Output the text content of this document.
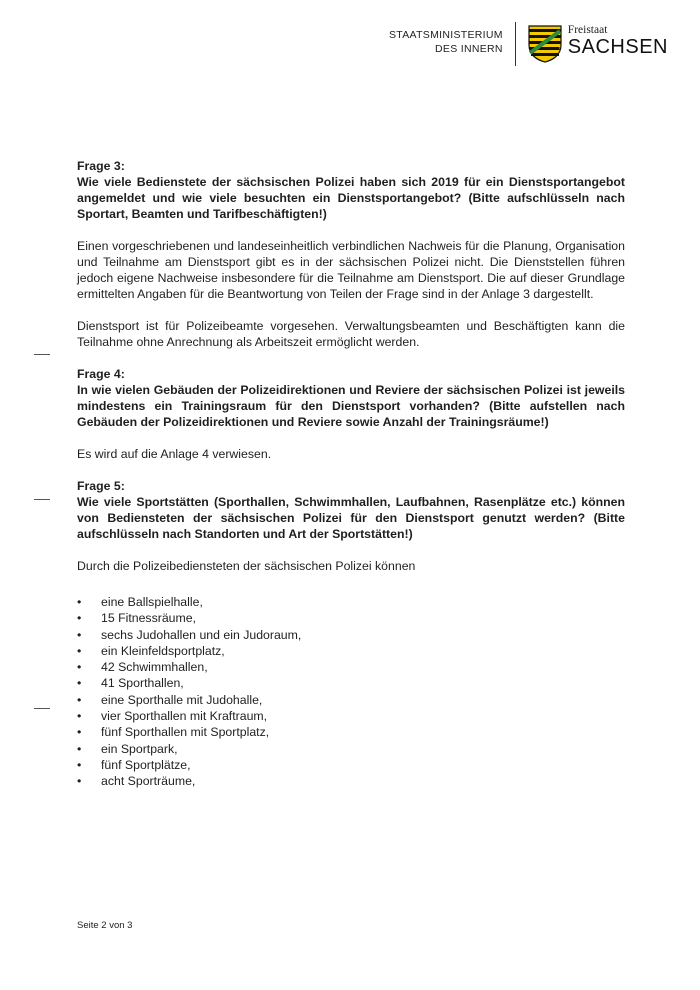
STAATSMINISTERIUM
DES INNERN
Freistaat
SACHSEN
Frage 3:

Wie viele Bedienstete der sächsischen Polizei haben sich 2019 für ein Dienstsportangebot angemeldet und wie viele besuchten ein Dienstsportangebot? (Bitte aufschlüsseln nach Sportart, Beamten und Tarifbeschäftigten!)

Einen vorgeschriebenen und landeseinheitlich verbindlichen Nachweis für die Planung, Organisation und Teilnahme am Dienstsport gibt es in der sächsischen Polizei nicht. Die Dienststellen führen jedoch eigene Nachweise insbesondere für die Teilnahme am Dienstsport. Die auf dieser Grundlage ermittelten Angaben für die Beantwortung von Teilen der Frage sind in der Anlage 3 dargestellt.

Dienstsport ist für Polizeibeamte vorgesehen. Verwaltungsbeamten und Beschäftigten kann die Teilnahme ohne Anrechnung als Arbeitszeit ermöglicht werden.

Frage 4:

In wie vielen Gebäuden der Polizeidirektionen und Reviere der sächsischen Polizei ist jeweils mindestens ein Trainingsraum für den Dienstsport vorhanden? (Bitte aufstellen nach Gebäuden der Polizeidirektionen und Reviere sowie Anzahl der Trainingsräume!)

Es wird auf die Anlage 4 verwiesen.

Frage 5:

Wie viele Sportstätten (Sporthallen, Schwimmhallen, Laufbahnen, Rasenplätze etc.) können von Bediensteten der sächsischen Polizei für den Dienstsport genutzt werden? (Bitte aufschlüsseln nach Standorten und Art der Sportstätten!)

Durch die Polizeibediensteten der sächsischen Polizei können

• eine Ballspielhalle,
• 15 Fitnessräume,
• sechs Judohallen und ein Judoraum,
• ein Kleinfeldsportplatz,
• 42 Schwimmhallen,
• 41 Sporthallen,
• eine Sporthalle mit Judohalle,
• vier Sporthallen mit Kraftraum,
• fünf Sporthallen mit Sportplatz,
• ein Sportpark,
• fünf Sportplätze,
• acht Sporträume,
Seite 2 von 3
